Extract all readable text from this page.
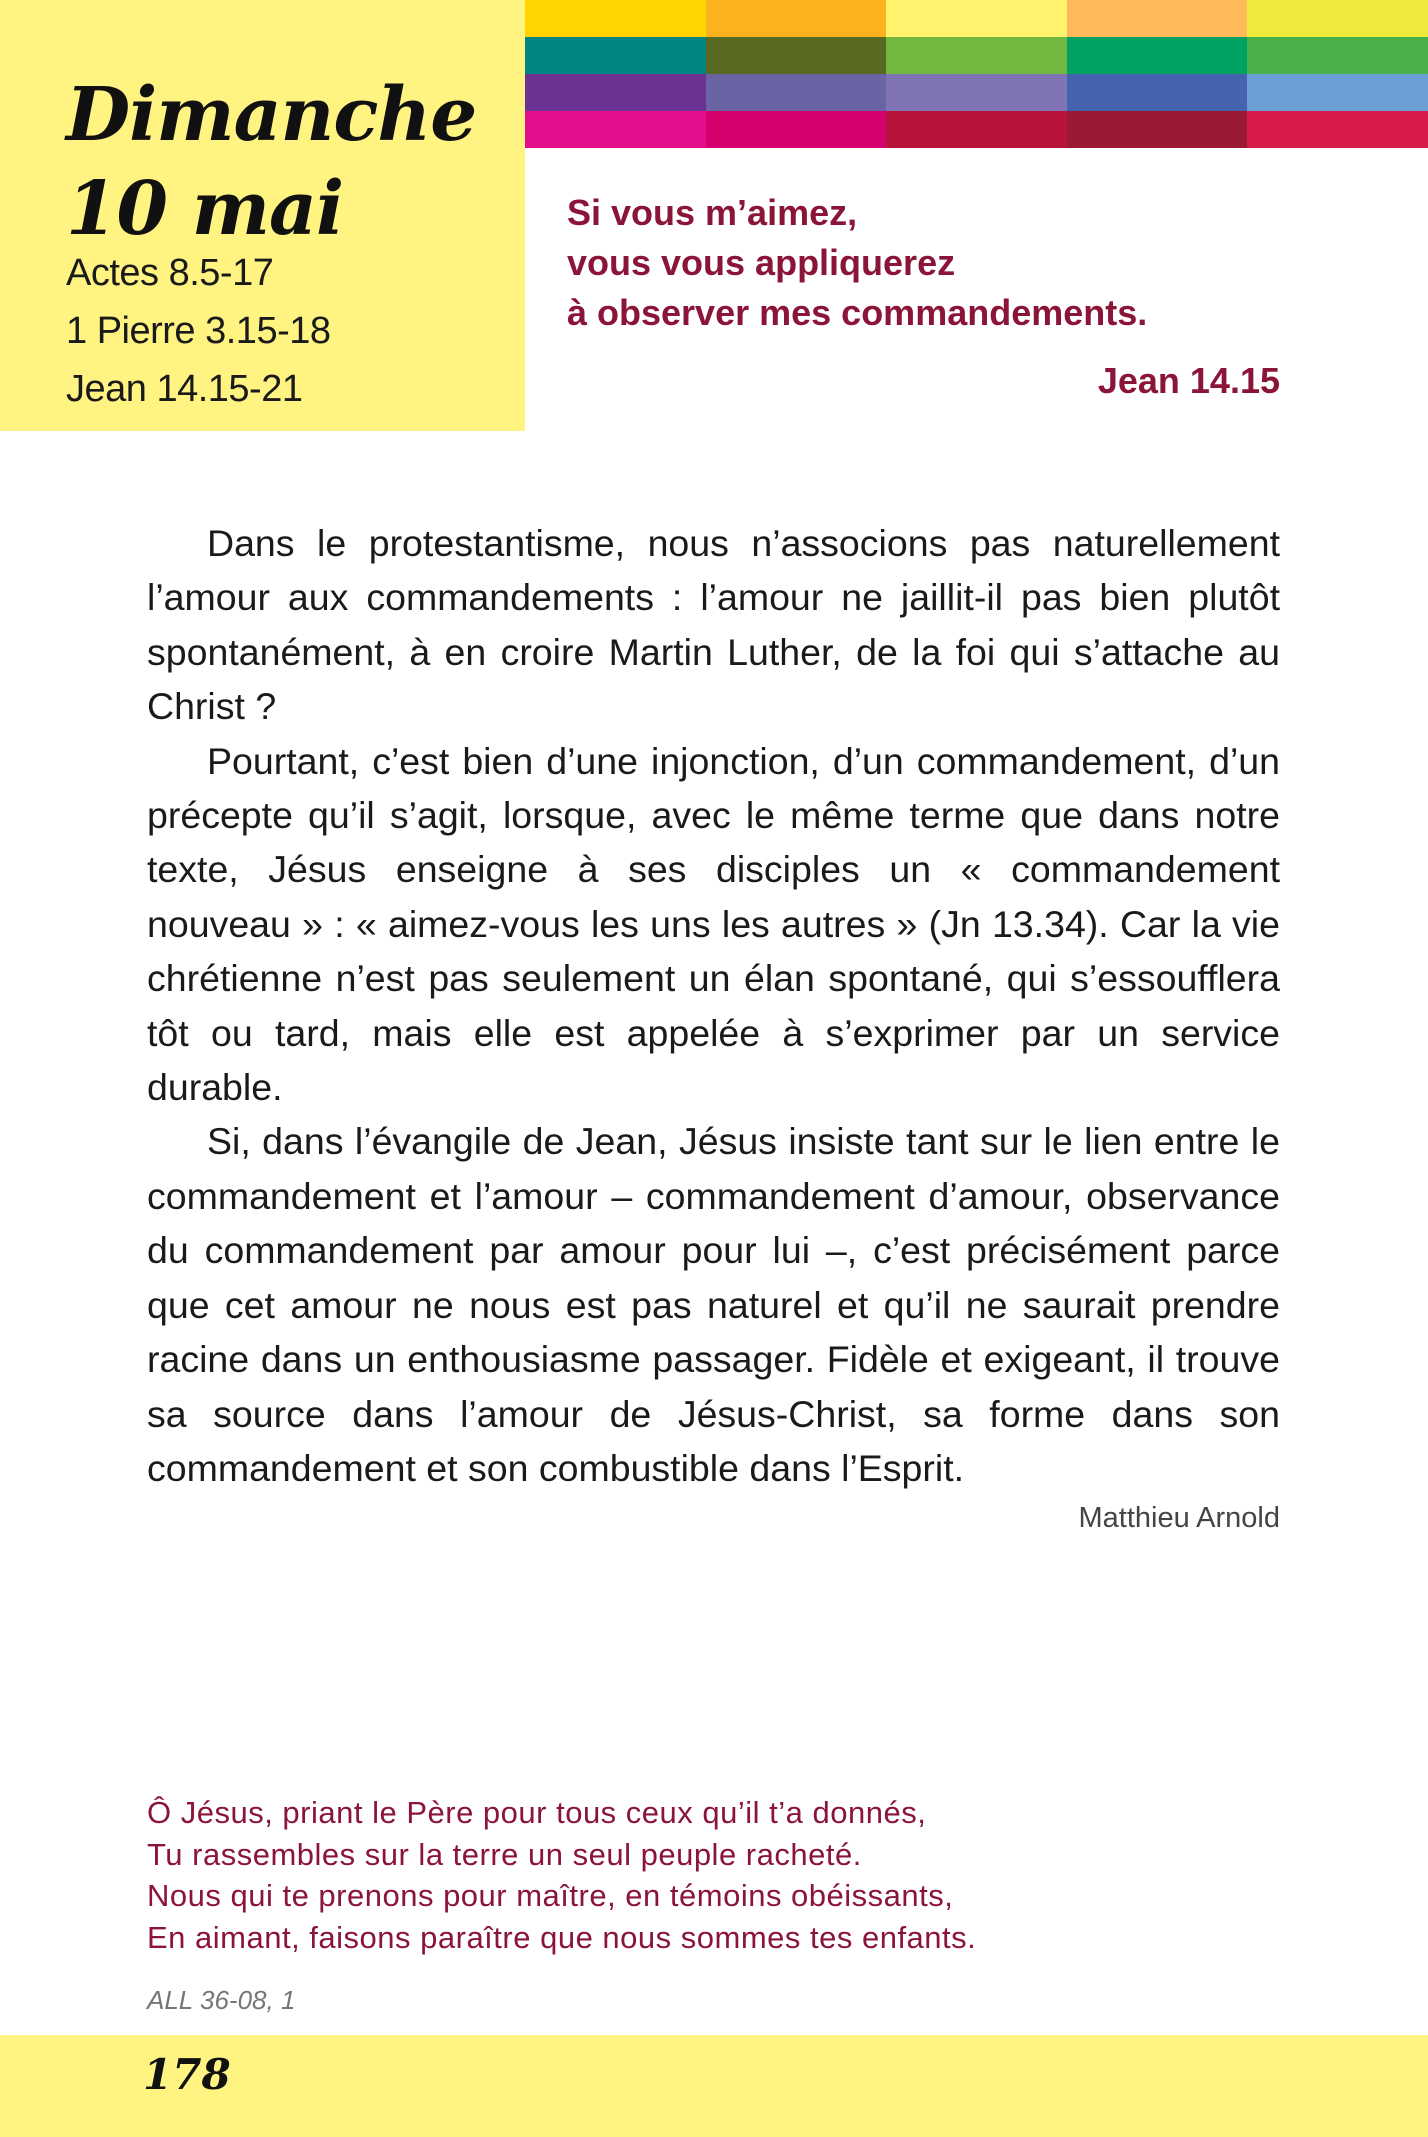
Dimanche
10 mai
Actes 8.5-17
1 Pierre 3.15-18
Jean 14.15-21
Si vous m’aimez,
vous vous appliquerez
à observer mes commandements.
Jean 14.15

Dans le protestantisme, nous n’associons pas naturellement l’amour aux commandements : l’amour ne jaillit-il pas bien plutôt spontanément, à en croire Martin Luther, de la foi qui s’attache au Christ ?

Pourtant, c’est bien d’une injonction, d’un commandement, d’un précepte qu’il s’agit, lorsque, avec le même terme que dans notre texte, Jésus enseigne à ses disciples un « commandement nouveau » : « aimez-vous les uns les autres » (Jn 13.34). Car la vie chrétienne n’est pas seulement un élan spontané, qui s’essoufflera tôt ou tard, mais elle est appelée à s’exprimer par un service durable.

Si, dans l’évangile de Jean, Jésus insiste tant sur le lien entre le commandement et l’amour – commandement d’amour, observance du commandement par amour pour lui –, c’est précisément parce que cet amour ne nous est pas naturel et qu’il ne saurait prendre racine dans un enthousiasme passager. Fidèle et exigeant, il trouve sa source dans l’amour de Jésus-Christ, sa forme dans son commandement et son combustible dans l’Esprit.

Matthieu Arnold
Ô Jésus, priant le Père pour tous ceux qu’il t’a donnés,
Tu rassembles sur la terre un seul peuple racheté.
Nous qui te prenons pour maître, en témoins obéissants,
En aimant, faisons paraître que nous sommes tes enfants.
ALL 36-08, 1
178
